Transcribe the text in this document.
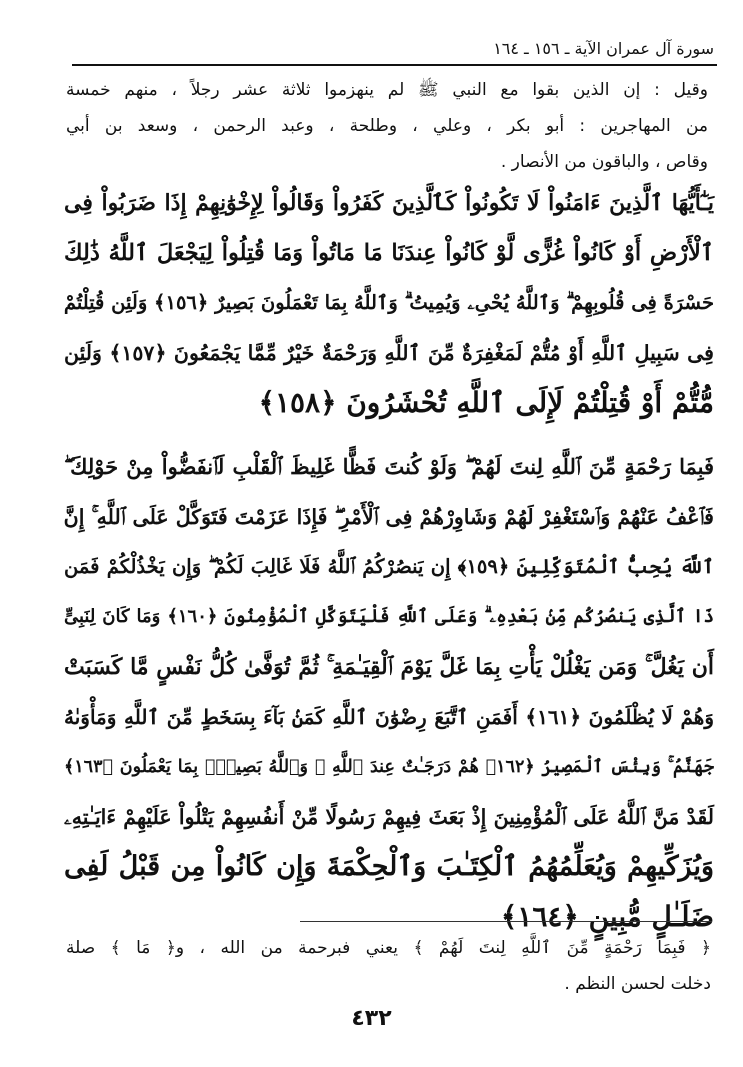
سورة آل عمران الآية ـ ١٥٦ ـ ١٦٤
وقيل : إن الذين بقوا مع النبي ﷺ لم ينهزموا ثلاثة عشر رجلاً ، منهم خمسة
من المهاجرين : أبو بكر ، وعلي ، وطلحة ، وعبد الرحمن ، وسعد بن أبي
وقاص ، والباقون من الأنصار .
يَـٰٓأَيُّهَا ٱلَّذِينَ ءَامَنُواْ لَا تَكُونُواْ كَٱلَّذِينَ كَفَرُواْ وَقَالُواْ لِإِخْوَٰنِهِمْ إِذَا ضَرَبُواْ فِى
ٱلْأَرْضِ أَوْ كَانُواْ غُزًّى لَّوْ كَانُواْ عِندَنَا مَا مَاتُواْ وَمَا قُتِلُواْ لِيَجْعَلَ ٱللَّهُ ذَٰلِكَ
حَسْرَةً فِى قُلُوبِهِمْ ۗ وَٱللَّهُ يُحْىِۦ وَيُمِيتُ ۗ وَٱللَّهُ بِمَا تَعْمَلُونَ بَصِيرٌ ﴿١٥٦﴾ وَلَئِن قُتِلْتُمْ
فِى سَبِيلِ ٱللَّهِ أَوْ مُتُّمْ لَمَغْفِرَةٌ مِّنَ ٱللَّهِ وَرَحْمَةٌ خَيْرٌ مِّمَّا يَجْمَعُونَ ﴿١٥٧﴾ وَلَئِن
مُّتُّمْ أَوْ قُتِلْتُمْ لَإِلَى ٱللَّهِ تُحْشَرُونَ ﴿١٥٨﴾
فَبِمَا رَحْمَةٍ مِّنَ ٱللَّهِ لِنتَ لَهُمْ ۖ وَلَوْ كُنتَ فَظًّا غَلِيظَ ٱلْقَلْبِ لَٱنفَضُّواْ مِنْ حَوْلِكَ ۖ
فَٱعْفُ عَنْهُمْ وَٱسْتَغْفِرْ لَهُمْ وَشَاوِرْهُمْ فِى ٱلْأَمْرِ ۖ فَإِذَا عَزَمْتَ فَتَوَكَّلْ عَلَى ٱللَّهِ ۚ إِنَّ
ٱللَّهَ يُحِبُّ ٱلْمُتَوَكِّلِينَ ﴿١٥٩﴾ إِن يَنصُرْكُمُ ٱللَّهُ فَلَا غَالِبَ لَكُمْ ۖ وَإِن يَخْذُلْكُمْ فَمَن
ذَا ٱلَّذِى يَنصُرُكُم مِّنۢ بَعْدِهِۦ ۗ وَعَلَى ٱللَّهِ فَلْيَتَوَكَّلِ ٱلْمُؤْمِنُونَ ﴿١٦٠﴾ وَمَا كَانَ لِنَبِىٍّ
أَن يَغُلَّ ۚ وَمَن يَغْلُلْ يَأْتِ بِمَا غَلَّ يَوْمَ ٱلْقِيَـٰمَةِ ۚ ثُمَّ تُوَفَّىٰ كُلُّ نَفْسٍ مَّا كَسَبَتْ
وَهُمْ لَا يُظْلَمُونَ ﴿١٦١﴾ أَفَمَنِ ٱتَّبَعَ رِضْوَٰنَ ٱللَّهِ كَمَنۢ بَآءَ بِسَخَطٍ مِّنَ ٱللَّهِ وَمَأْوَىٰهُ
جَهَنَّمُ ۚ وَبِئْسَ ٱلْمَصِيرُ ﴿١٦٢﴾ هُمْ دَرَجَـٰتٌ عِندَ ٱللَّهِ ۗ وَٱللَّهُ بَصِيرٌۢ بِمَا يَعْمَلُونَ ﴿١٦٣﴾
لَقَدْ مَنَّ ٱللَّهُ عَلَى ٱلْمُؤْمِنِينَ إِذْ بَعَثَ فِيهِمْ رَسُولًا مِّنْ أَنفُسِهِمْ يَتْلُواْ عَلَيْهِمْ ءَايَـٰتِهِۦ
وَيُزَكِّيهِمْ وَيُعَلِّمُهُمُ ٱلْكِتَـٰبَ وَٱلْحِكْمَةَ وَإِن كَانُواْ مِن قَبْلُ لَفِى
ضَلَـٰلٍ مُّبِينٍ ﴿١٦٤﴾
﴿ فَبِمَا رَحْمَةٍ مِّنَ ٱللَّهِ لِنتَ لَهُمْ ﴾ يعني فبرحمة من الله ، و﴿ مَا ﴾ صلة
دخلت لحسن النظم .
٤٣٢
